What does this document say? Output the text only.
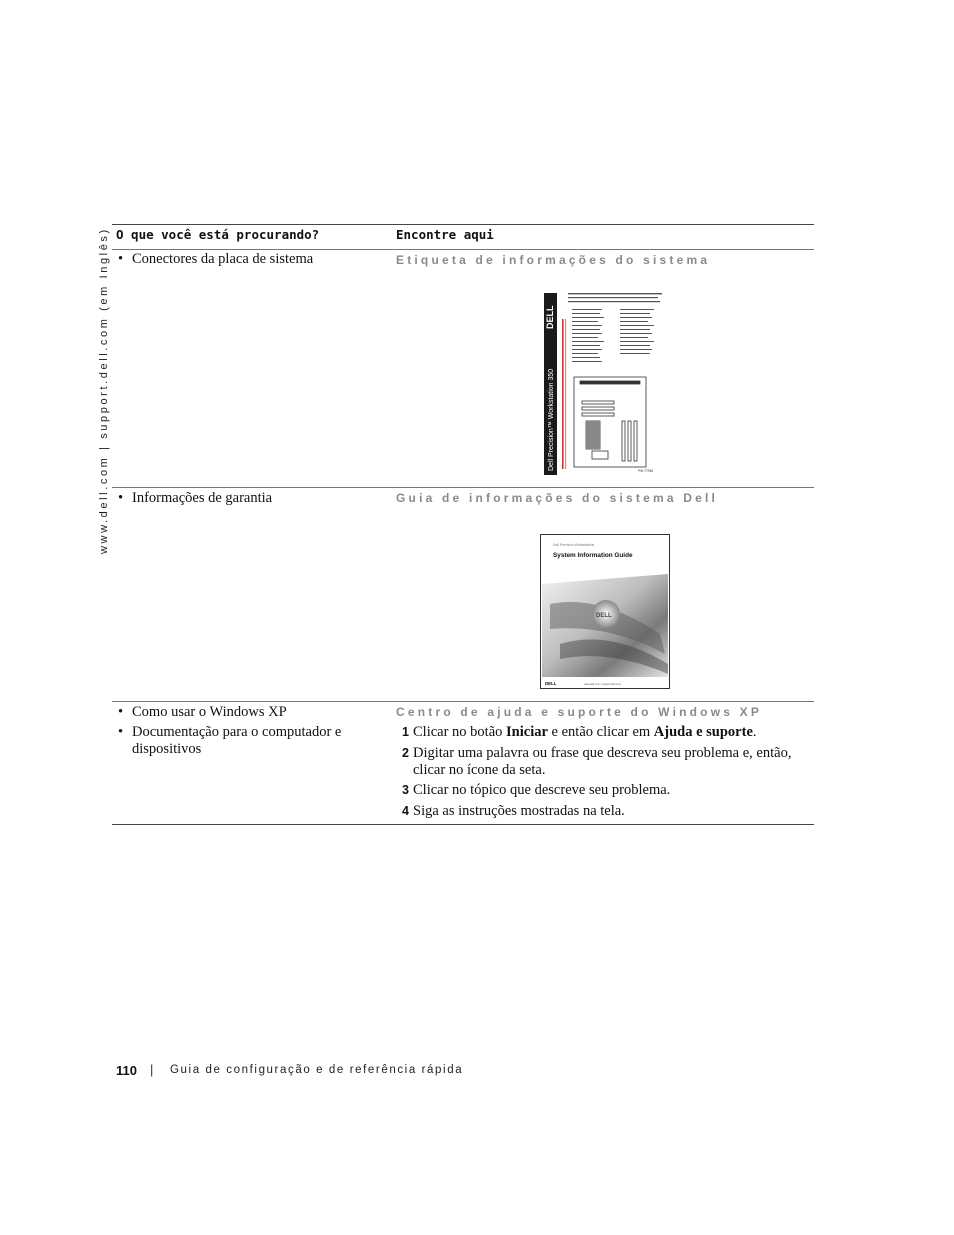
www.dell.com | support.dell.com (em Inglês) O que você está procurando?	Encontre aqui
• Conectores da placa de sistema	Etiqueta de informações do sistema
DELL
Dell Precision™ Workstation 350	P/N 7T962
• Informações de garantia	Guia de informações do sistema Dell
Dell Precision Workstations
System Information Guide
DELL
DELL	www.dell.com | support.dell.com
• Como usar o Windows XP
• Documentação para o computador e dispositivos
Centro de ajuda e suporte do Windows XP
1 Clicar no botão Iniciar e então clicar em Ajuda e suporte.
2 Digitar uma palavra ou frase que descreva seu problema e, então, clicar no ícone da seta.
3 Clicar no tópico que descreve seu problema.
4 Siga as instruções mostradas na tela.
110 | Guia de configuração e de referência rápida
